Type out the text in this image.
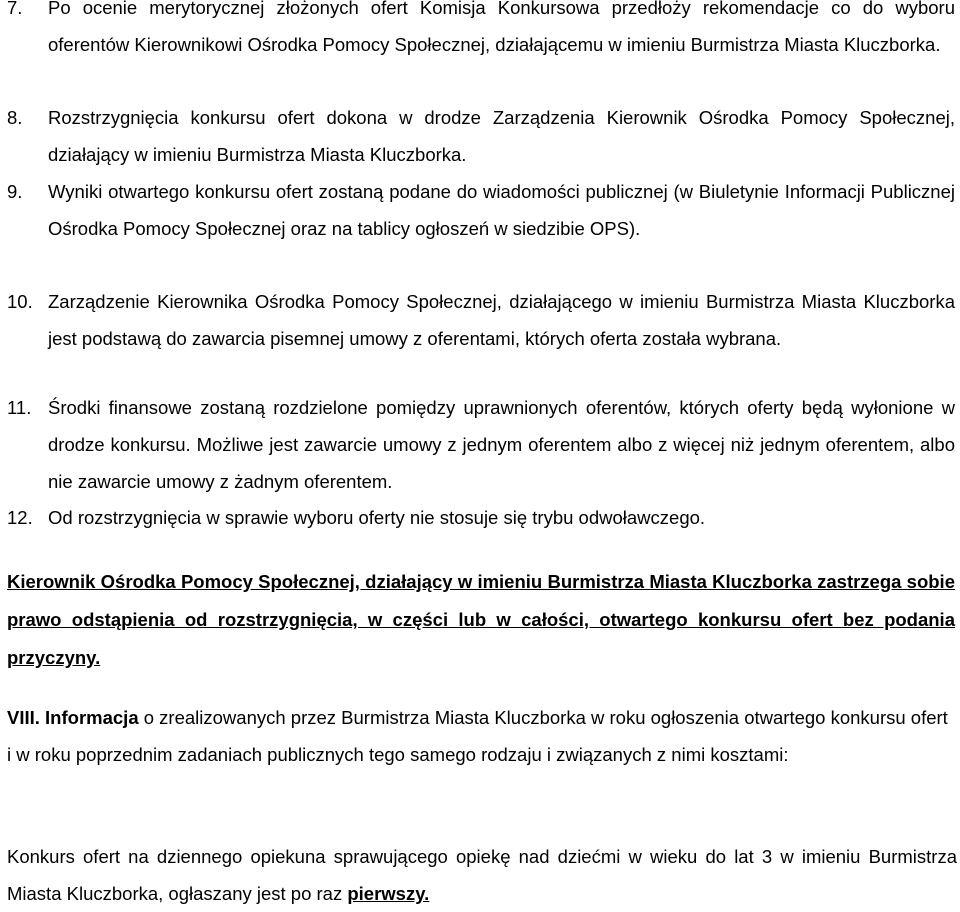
7. Po ocenie merytorycznej złożonych ofert Komisja Konkursowa przedłoży rekomendacje co do wyboru oferentów Kierownikowi Ośrodka Pomocy Społecznej, działającemu w imieniu Burmistrza Miasta Kluczborka.
8. Rozstrzygnięcia konkursu ofert dokona w drodze Zarządzenia Kierownik Ośrodka Pomocy Społecznej, działający w imieniu Burmistrza Miasta Kluczborka.
9. Wyniki otwartego konkursu ofert zostaną podane do wiadomości publicznej (w Biuletynie Informacji Publicznej Ośrodka Pomocy Społecznej oraz na tablicy ogłoszeń w siedzibie OPS).
10. Zarządzenie Kierownika Ośrodka Pomocy Społecznej, działającego w imieniu Burmistrza Miasta Kluczborka jest podstawą do zawarcia pisemnej umowy z oferentami, których oferta została wybrana.
11. Środki finansowe zostaną rozdzielone pomiędzy uprawnionych oferentów, których oferty będą wyłonione w drodze konkursu. Możliwe jest zawarcie umowy z jednym oferentem albo z więcej niż jednym oferentem, albo nie zawarcie umowy z żadnym oferentem.
12. Od rozstrzygnięcia w sprawie wyboru oferty nie stosuje się trybu odwoławczego.
Kierownik Ośrodka Pomocy Społecznej, działający w imieniu Burmistrza Miasta Kluczborka zastrzega sobie prawo odstąpienia od rozstrzygnięcia, w części lub w całości, otwartego konkursu ofert bez podania przyczyny.
VIII. Informacja o zrealizowanych przez Burmistrza Miasta Kluczborka w roku ogłoszenia otwartego konkursu ofert i w roku poprzednim zadaniach publicznych tego samego rodzaju i związanych z nimi kosztami:
Konkurs ofert na dziennego opiekuna sprawującego opiekę nad dziećmi w wieku do lat 3 w imieniu Burmistrza Miasta Kluczborka, ogłaszany jest po raz pierwszy.
